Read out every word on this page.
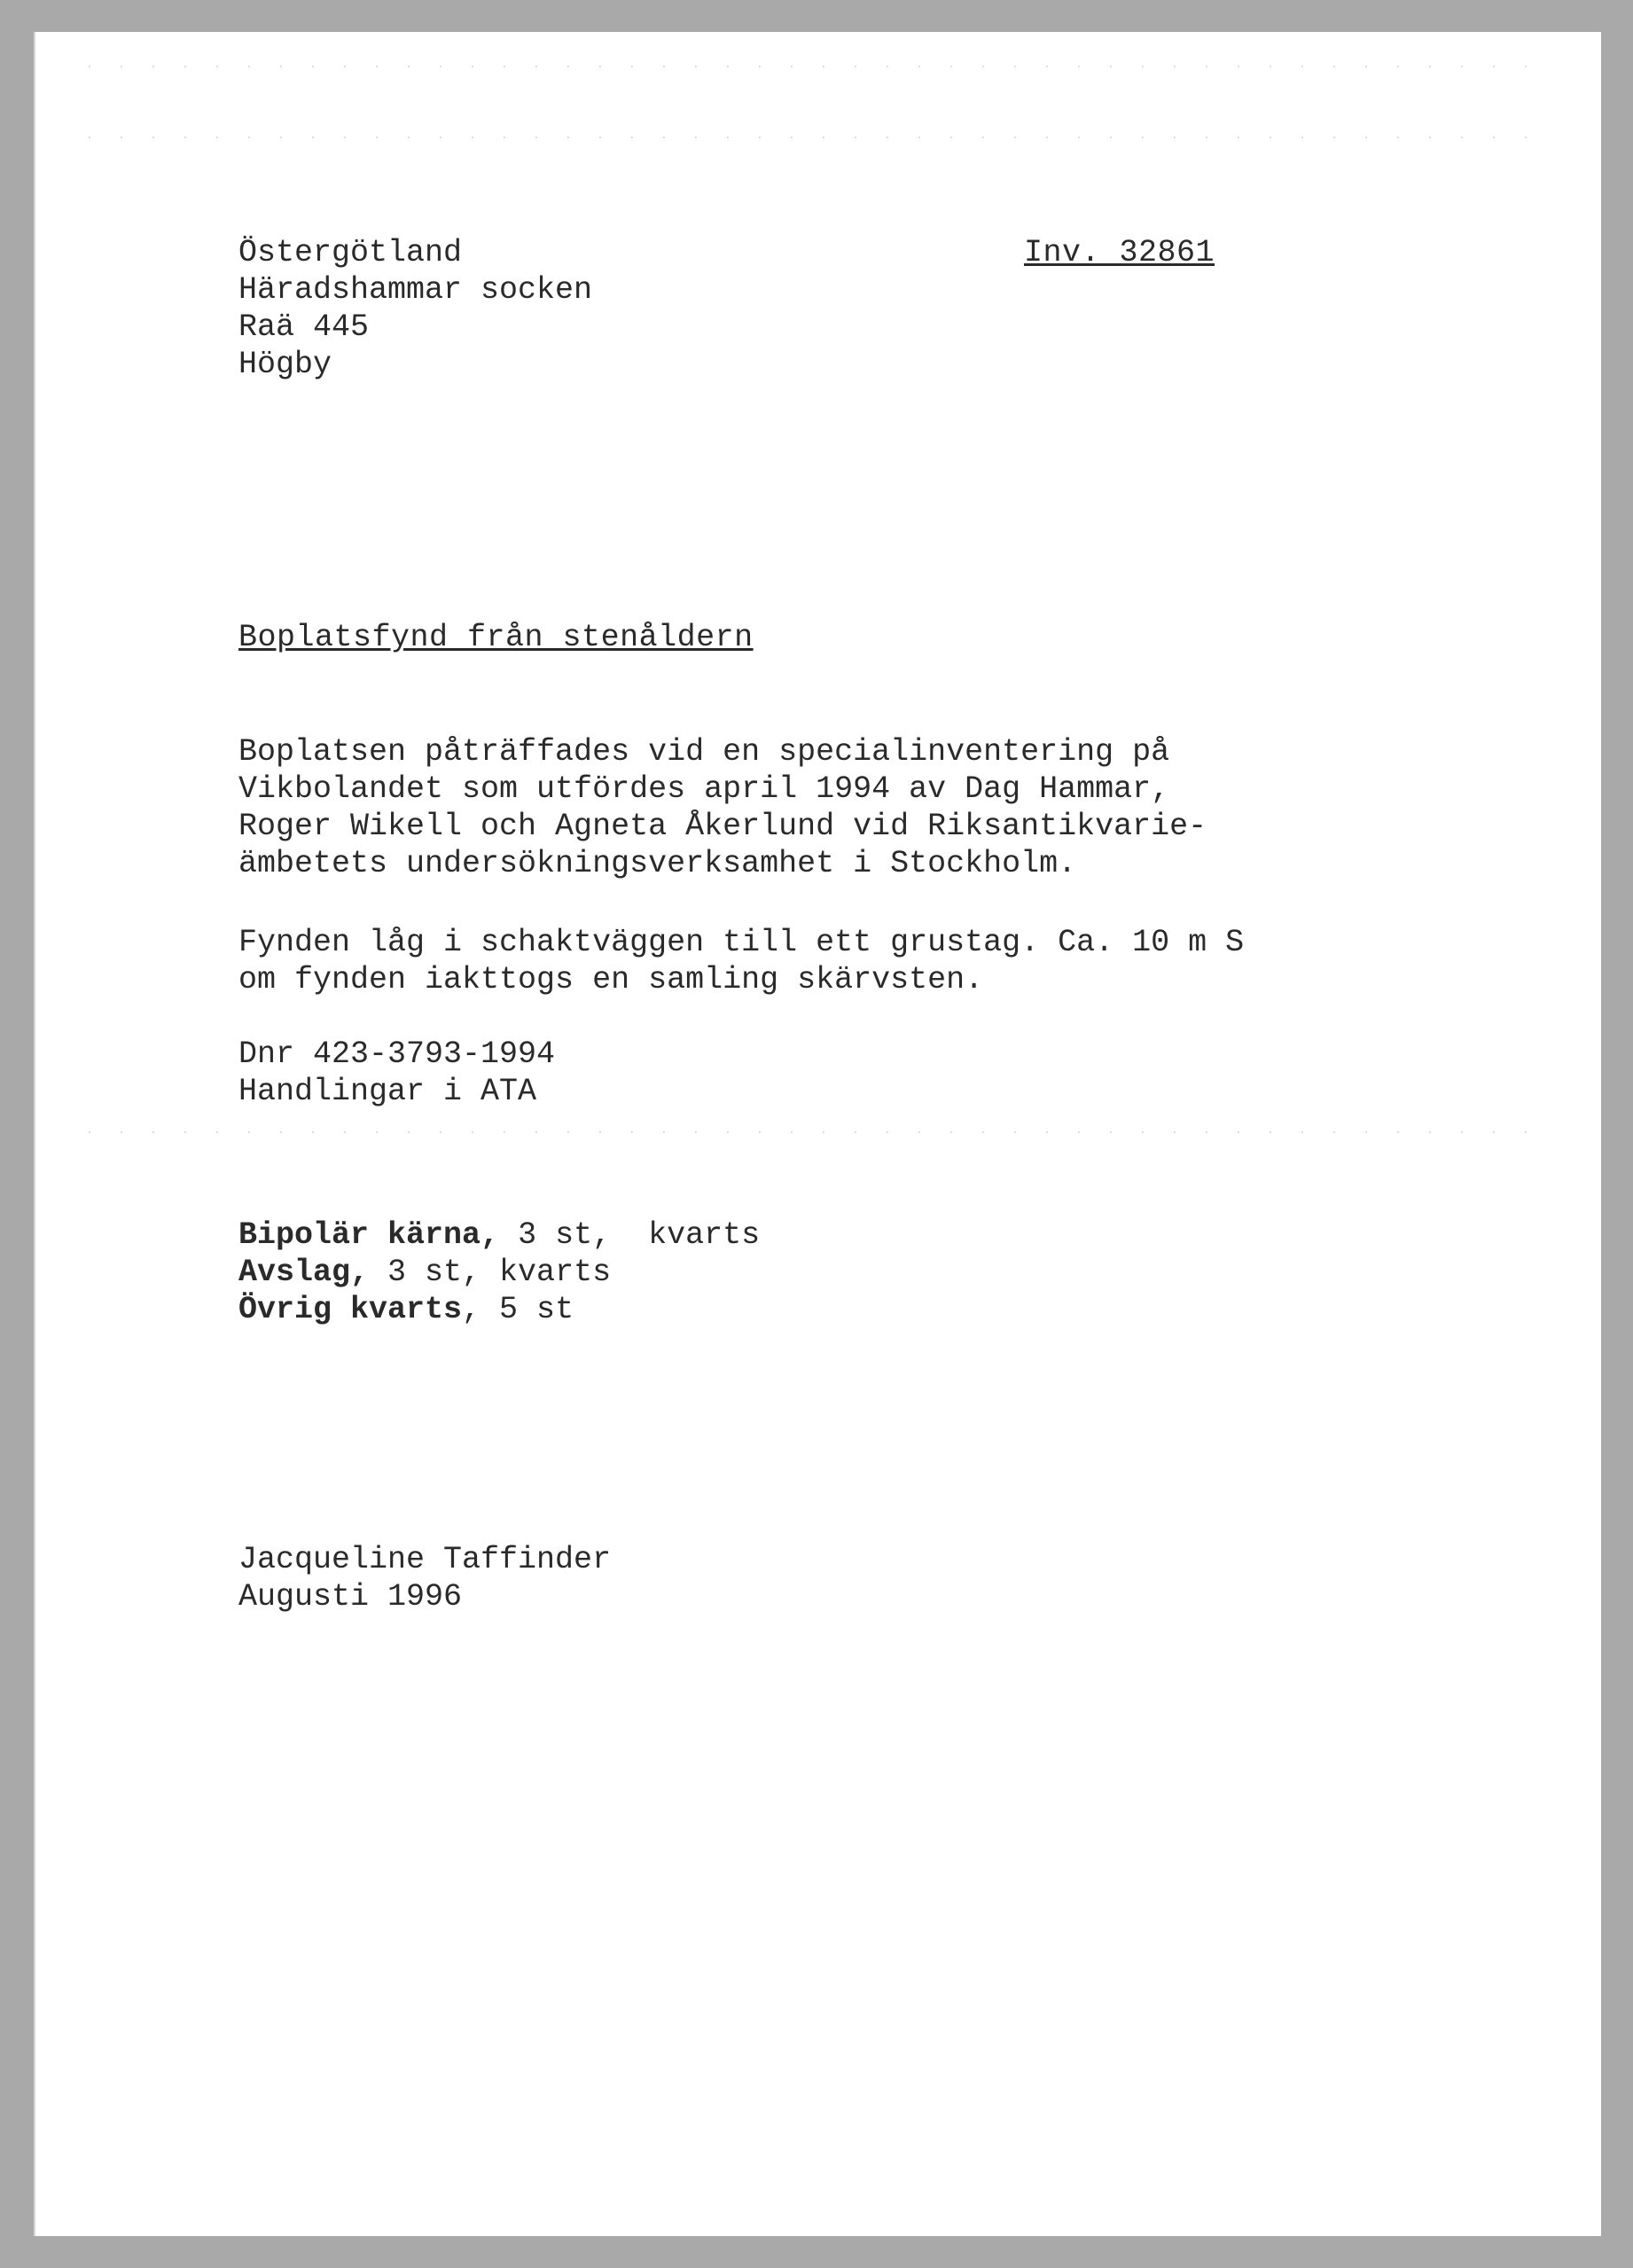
Östergötland
Häradshammar socken
Raä 445
Högby
Inv. 32861
Boplatsfynd från stenåldern
Boplatsen påträffades vid en specialinventering på
Vikbolandet som utfördes april 1994 av Dag Hammar,
Roger Wikell och Agneta Åkerlund vid Riksantikvarie-
ämbetets undersökningsverksamhet i Stockholm.
Fynden låg i schaktväggen till ett grustag. Ca. 10 m S
om fynden iakttogs en samling skärvsten.
Dnr 423-3793-1994
Handlingar i ATA
Bipolär kärna, 3 st,  kvarts
Avslag, 3 st, kvarts
Övrig kvarts, 5 st
Jacqueline Taffinder
Augusti 1996
